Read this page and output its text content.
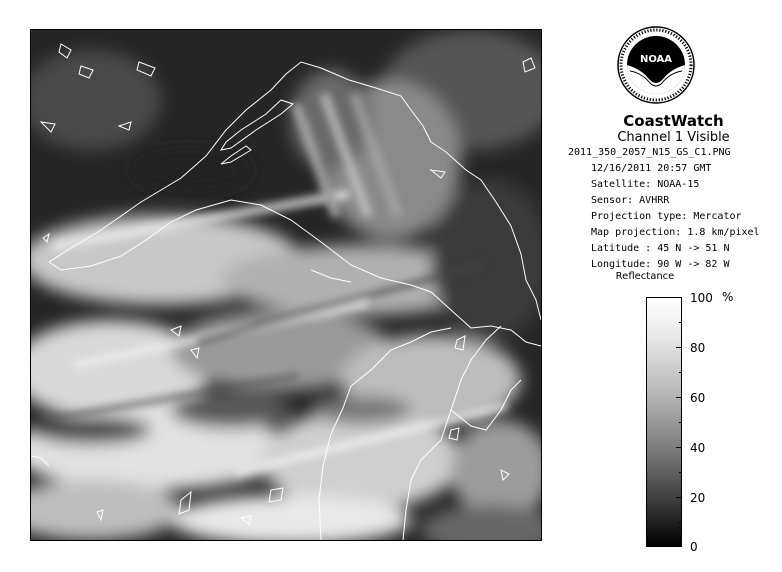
NOAA
CoastWatch
Channel 1 Visible
2011_350_2057_N15_GS_C1.PNG
12/16/2011 20:57 GMT
Satellite: NOAA-15
Sensor: AVHRR
Projection type: Mercator
Map projection: 1.8 km/pixel
Latitude : 45 N -> 51 N
Longitude: 90 W -> 82 W
Reflectance
%
100
80
60
40
20
0
